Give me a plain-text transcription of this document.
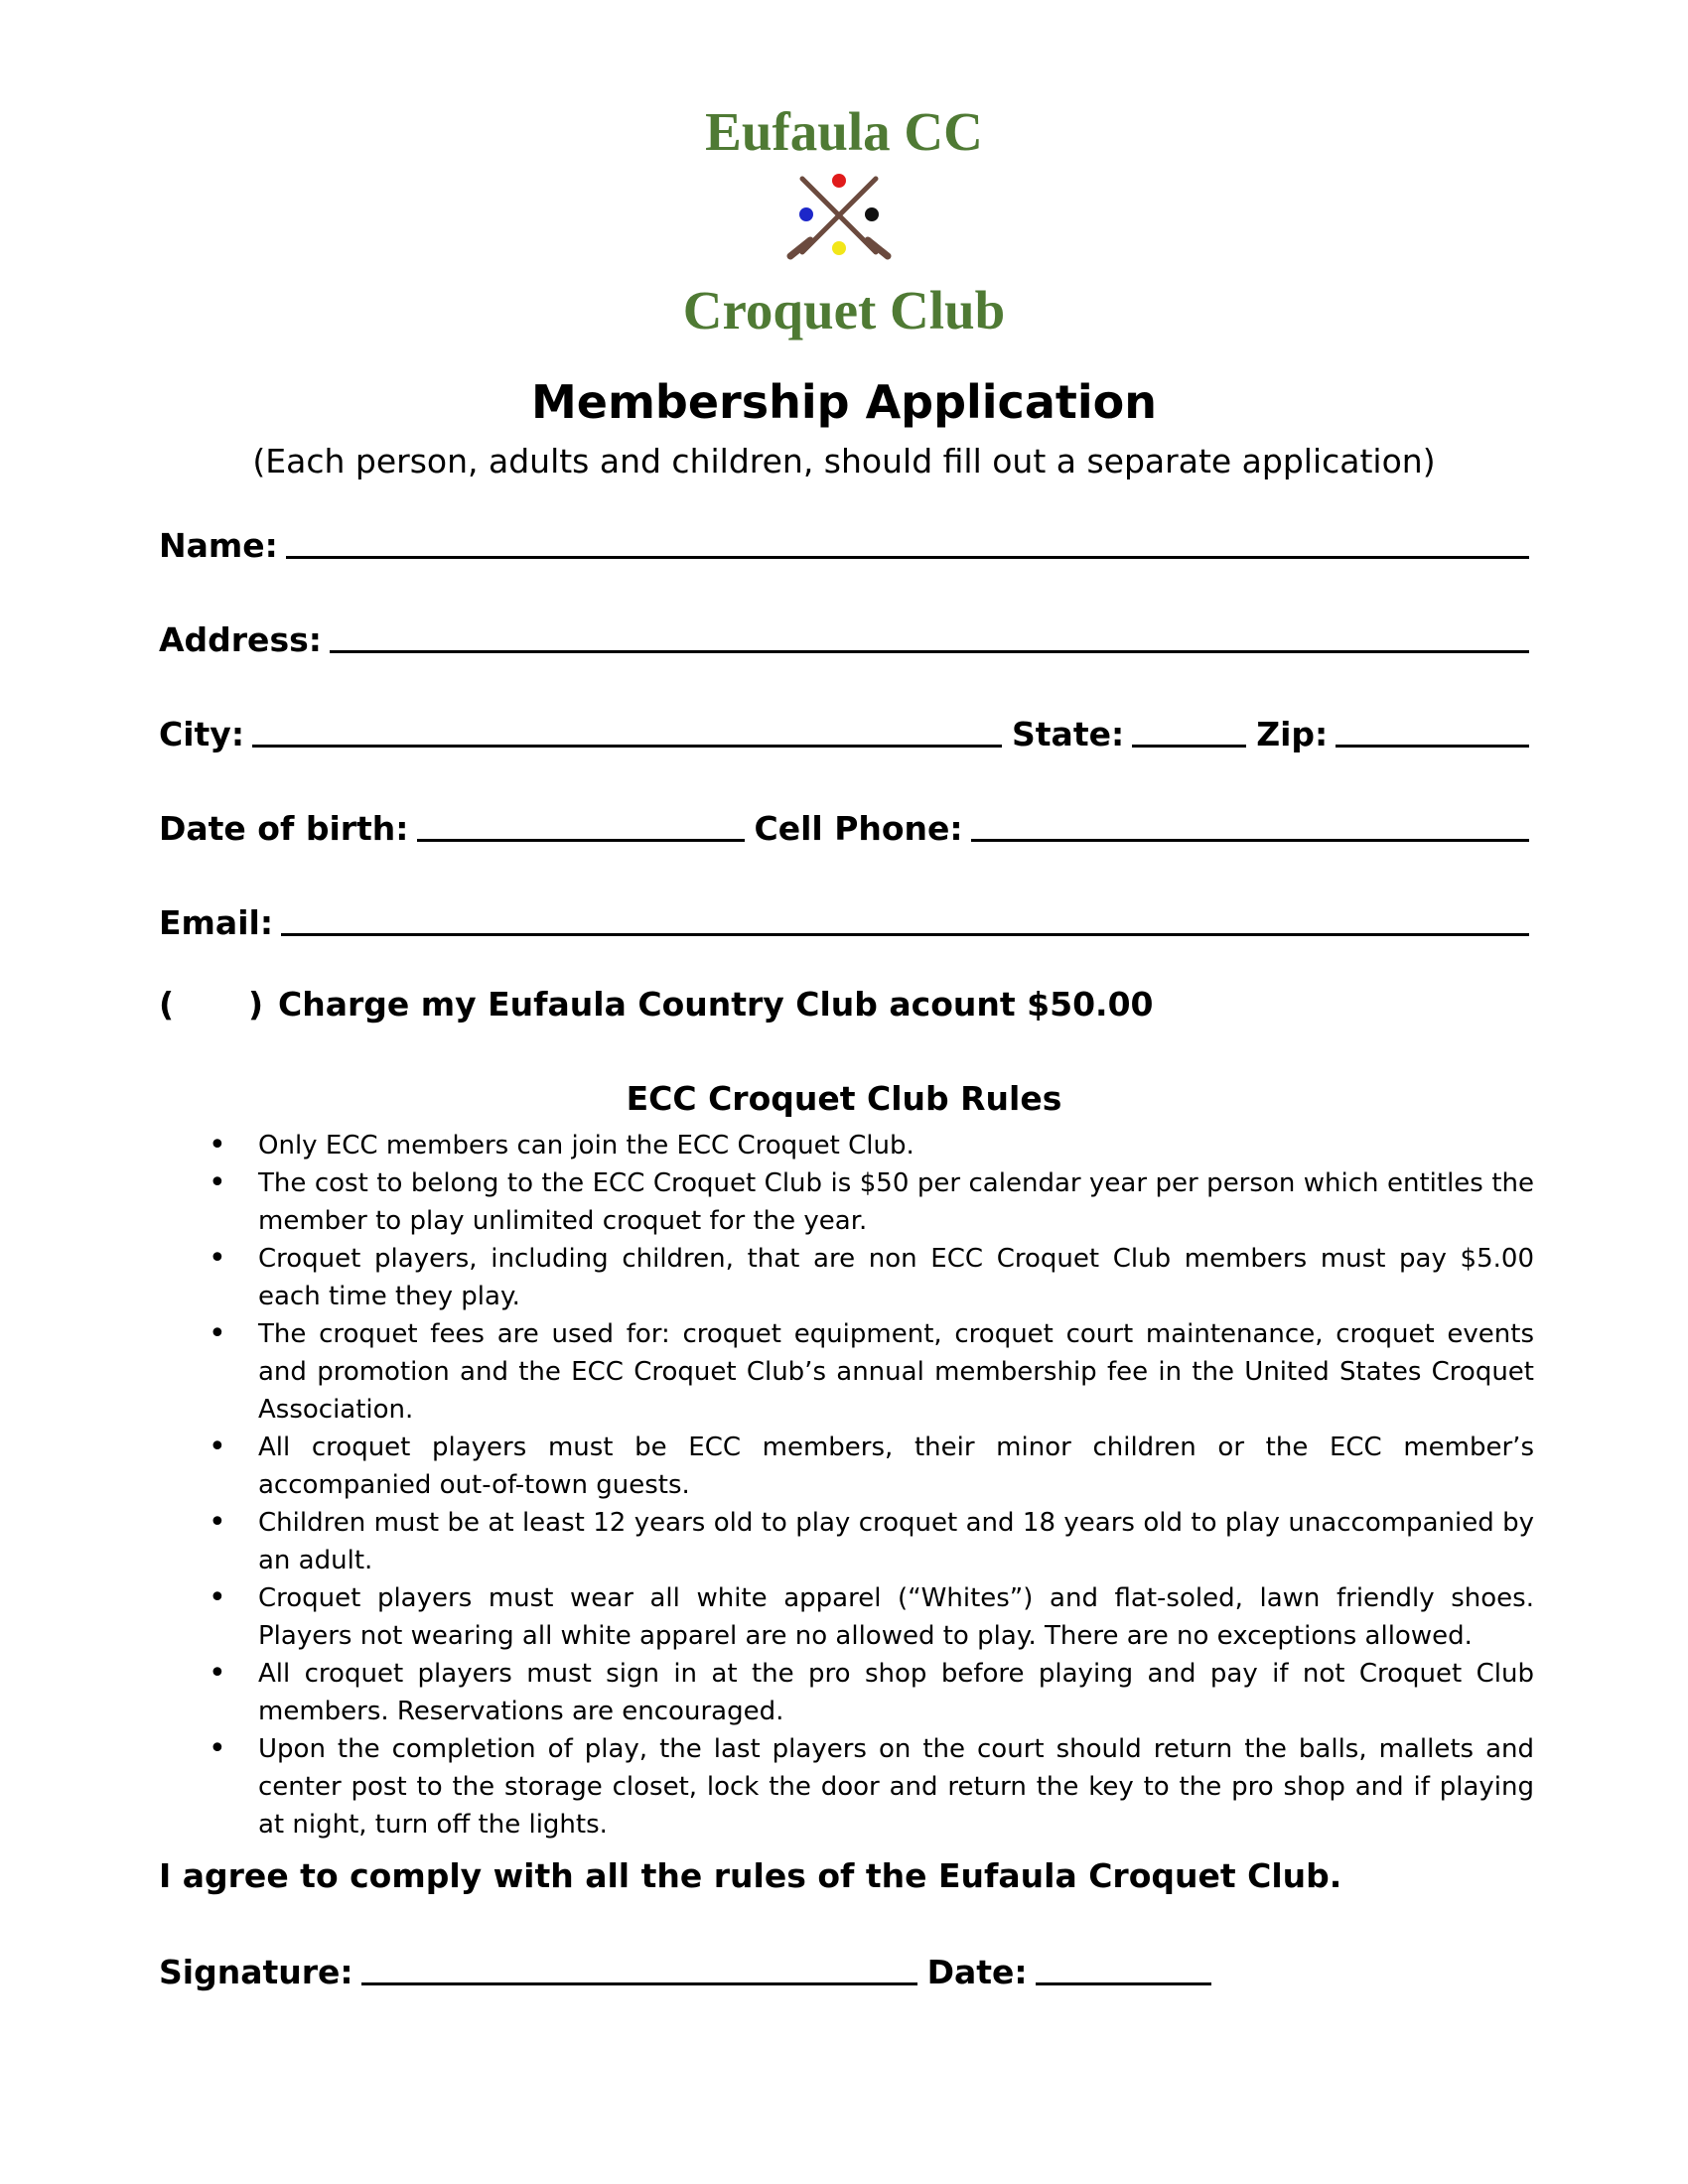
Eufaula CC
Croquet Club
Membership Application
(Each person, adults and children, should fill out a separate application)
Name:
Address:
City:	State:	Zip:
Date of birth:	Cell Phone:
Email:
(	) Charge my Eufaula Country Club acount $50.00
ECC Croquet Club Rules
• Only ECC members can join the ECC Croquet Club.
• The cost to belong to the ECC Croquet Club is $50 per calendar year per person which entitles the member to play unlimited croquet for the year.
• Croquet players, including children, that are non ECC Croquet Club members must pay $5.00 each time they play.
• The croquet fees are used for: croquet equipment, croquet court maintenance, croquet events and promotion and the ECC Croquet Club’s annual membership fee in the United States Croquet Association.
• All croquet players must be ECC members, their minor children or the ECC member’s accompanied out-of-town guests.
• Children must be at least 12 years old to play croquet and 18 years old to play unaccompanied by an adult.
• Croquet players must wear all white apparel (“Whites”) and flat-soled, lawn friendly shoes. Players not wearing all white apparel are no allowed to play. There are no exceptions allowed.
• All croquet players must sign in at the pro shop before playing and pay if not Croquet Club members. Reservations are encouraged.
• Upon the completion of play, the last players on the court should return the balls, mallets and center post to the storage closet, lock the door and return the key to the pro shop and if playing at night, turn off the lights.
I agree to comply with all the rules of the Eufaula Croquet Club.
Signature:	Date:
